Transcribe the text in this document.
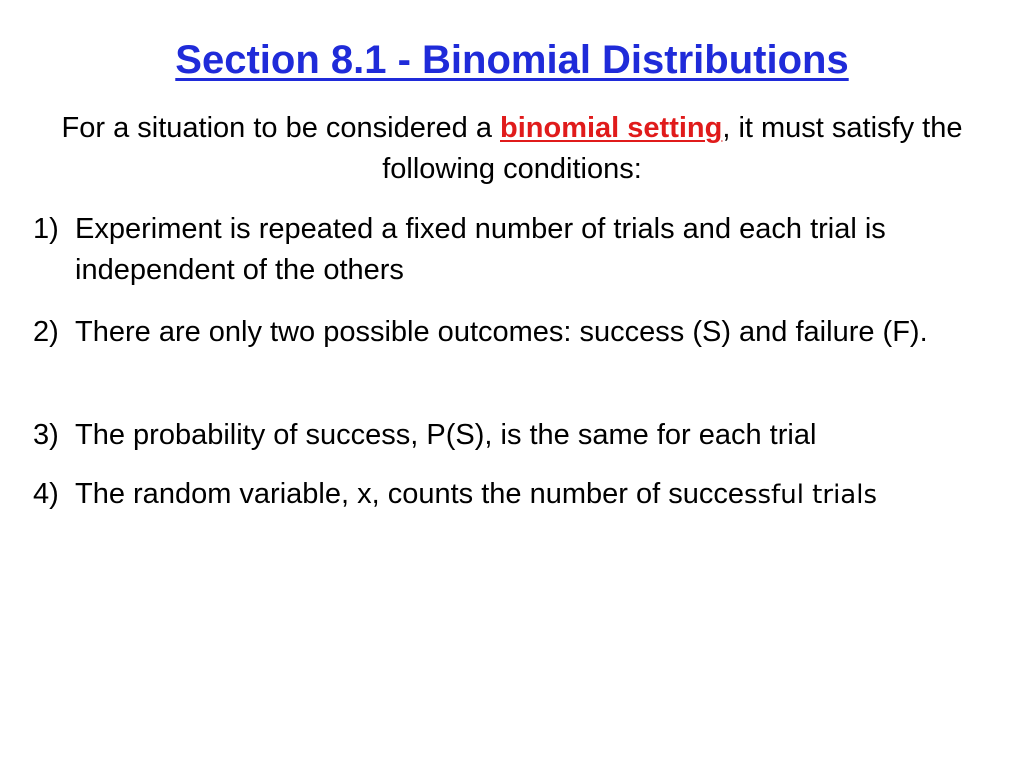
Section 8.1 - Binomial Distributions
For a situation to be considered a binomial setting, it must satisfy the following conditions:
1) Experiment is repeated a fixed number of trials and each trial is independent of the others
2) There are only two possible outcomes: success (S) and failure (F).
3) The probability of success, P(S), is the same for each trial
4) The random variable, x, counts the number of successful trials
